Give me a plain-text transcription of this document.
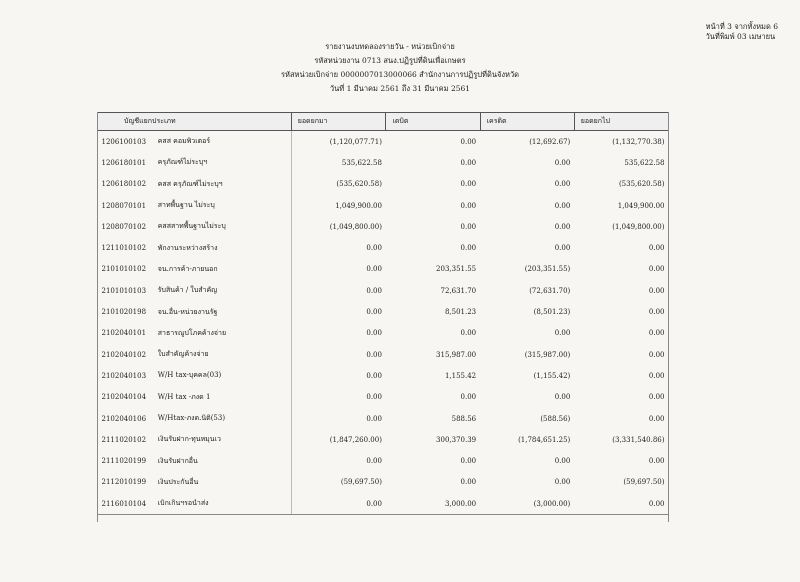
หน้าที่ 3 จากทั้งหมด 6
วันที่พิมพ์ 03 เมษายน
รายงานงบทดลองรายวัน - หน่วยเบิกจ่าย
รหัสหน่วยงาน 0713 สนง.ปฏิรูปที่ดินเพื่อเกษตร
รหัสหน่วยเบิกจ่าย 0000007013000066 สำนักงานการปฏิรูปที่ดินจังหวัด
วันที่ 1 มีนาคม 2561 ถึง 31 มีนาคม 2561
บัญชีแยกประเภท		ยอดยกมา	เดบิต	เครดิต	ยอดยกไป
1206100103	คสส คอมพิวเตอร์	(1,120,077.71)	0.00	(12,692.67)	(1,132,770.38)
1206180101	ครุภัณฑ์ไม่ระบุฯ	535,622.58	0.00	0.00	535,622.58
1206180102	คสส ครุภัณฑ์ไม่ระบุฯ	(535,620.58)	0.00	0.00	(535,620.58)
1208070101	สาทพื้นฐาน ไม่ระบุ	1,049,900.00	0.00	0.00	1,049,900.00
1208070102	คสสสาทพื้นฐานไม่ระบุ	(1,049,800.00)	0.00	0.00	(1,049,800.00)
1211010102	พักงานระหว่างสร้าง	0.00	0.00	0.00	0.00
2101010102	จน.การค้า-ภายนอก	0.00	203,351.55	(203,351.55)	0.00
2101010103	รับสินค้า / ใบสำคัญ	0.00	72,631.70	(72,631.70)	0.00
2101020198	จน.อื่น-หน่วยงานรัฐ	0.00	8,501.23	(8,501.23)	0.00
2102040101	สาธารณูปโภคค้างจ่าย	0.00	0.00	0.00	0.00
2102040102	ใบสำคัญค้างจ่าย	0.00	315,987.00	(315,987.00)	0.00
2102040103	W/H tax-บุคคล(03)	0.00	1,155.42	(1,155.42)	0.00
2102040104	W/H tax -ภงด 1	0.00	0.00	0.00	0.00
2102040106	W/Htax-ภงด.นิติ(53)	0.00	588.56	(588.56)	0.00
2111020102	เงินรับฝาก-ทุนหมุนเว	(1,847,260.00)	300,370.39	(1,784,651.25)	(3,331,540.86)
2111020199	เงินรับฝากอื่น	0.00	0.00	0.00	0.00
2112010199	เงินประกันอื่น	(59,697.50)	0.00	0.00	(59,697.50)
2116010104	เบิกเกินฯรอนำส่ง	0.00	3,000.00	(3,000.00)	0.00
